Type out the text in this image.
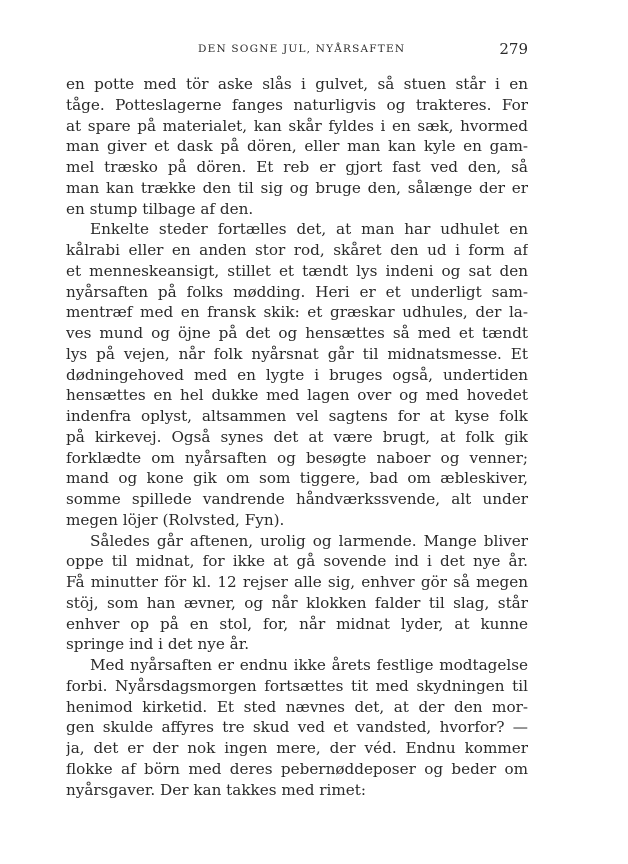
DEN SOGNE JUL, NYÅRSAFTEN	279
en potte med tör aske slås i gulvet, så stuen står i en
tåge. Potteslagerne fanges naturligvis og trakteres. For
at spare på materialet, kan skår fyldes i en sæk, hvormed
man giver et dask på dören, eller man kan kyle en gam-
mel træsko på dören. Et reb er gjort fast ved den, så
man kan trække den til sig og bruge den, sålænge der er
en stump tilbage af den.
Enkelte steder fortælles det, at man har udhulet en
kålrabi eller en anden stor rod, skåret den ud i form af
et menneskeansigt, stillet et tændt lys indeni og sat den
nyårsaften på folks mødding. Heri er et underligt sam-
mentræf med en fransk skik: et græskar udhules, der la-
ves mund og öjne på det og hensættes så med et tændt
lys på vejen, når folk nyårsnat går til midnatsmesse. Et
dødningehoved med en lygte i bruges også, undertiden
hensættes en hel dukke med lagen over og med hovedet
indenfra oplyst, altsammen vel sagtens for at kyse folk
på kirkevej. Også synes det at være brugt, at folk gik
forklædte om nyårsaften og besøgte naboer og venner;
mand og kone gik om som tiggere, bad om æbleskiver,
somme spillede vandrende håndværkssvende, alt under
megen löjer (Rolvsted, Fyn).
Således går aftenen, urolig og larmende. Mange bliver
oppe til midnat, for ikke at gå sovende ind i det nye år.
Få minutter för kl. 12 rejser alle sig, enhver gör så megen
stöj, som han ævner, og når klokken falder til slag, står
enhver op på en stol, for, når midnat lyder, at kunne
springe ind i det nye år.
Med nyårsaften er endnu ikke årets festlige modtagelse
forbi. Nyårsdagsmorgen fortsættes tit med skydningen til
henimod kirketid. Et sted nævnes det, at der den mor-
gen skulde affyres tre skud ved et vandsted, hvorfor? —
ja, det er der nok ingen mere, der véd. Endnu kommer
flokke af börn med deres pebernøddeposer og beder om
nyårsgaver. Der kan takkes med rimet:
